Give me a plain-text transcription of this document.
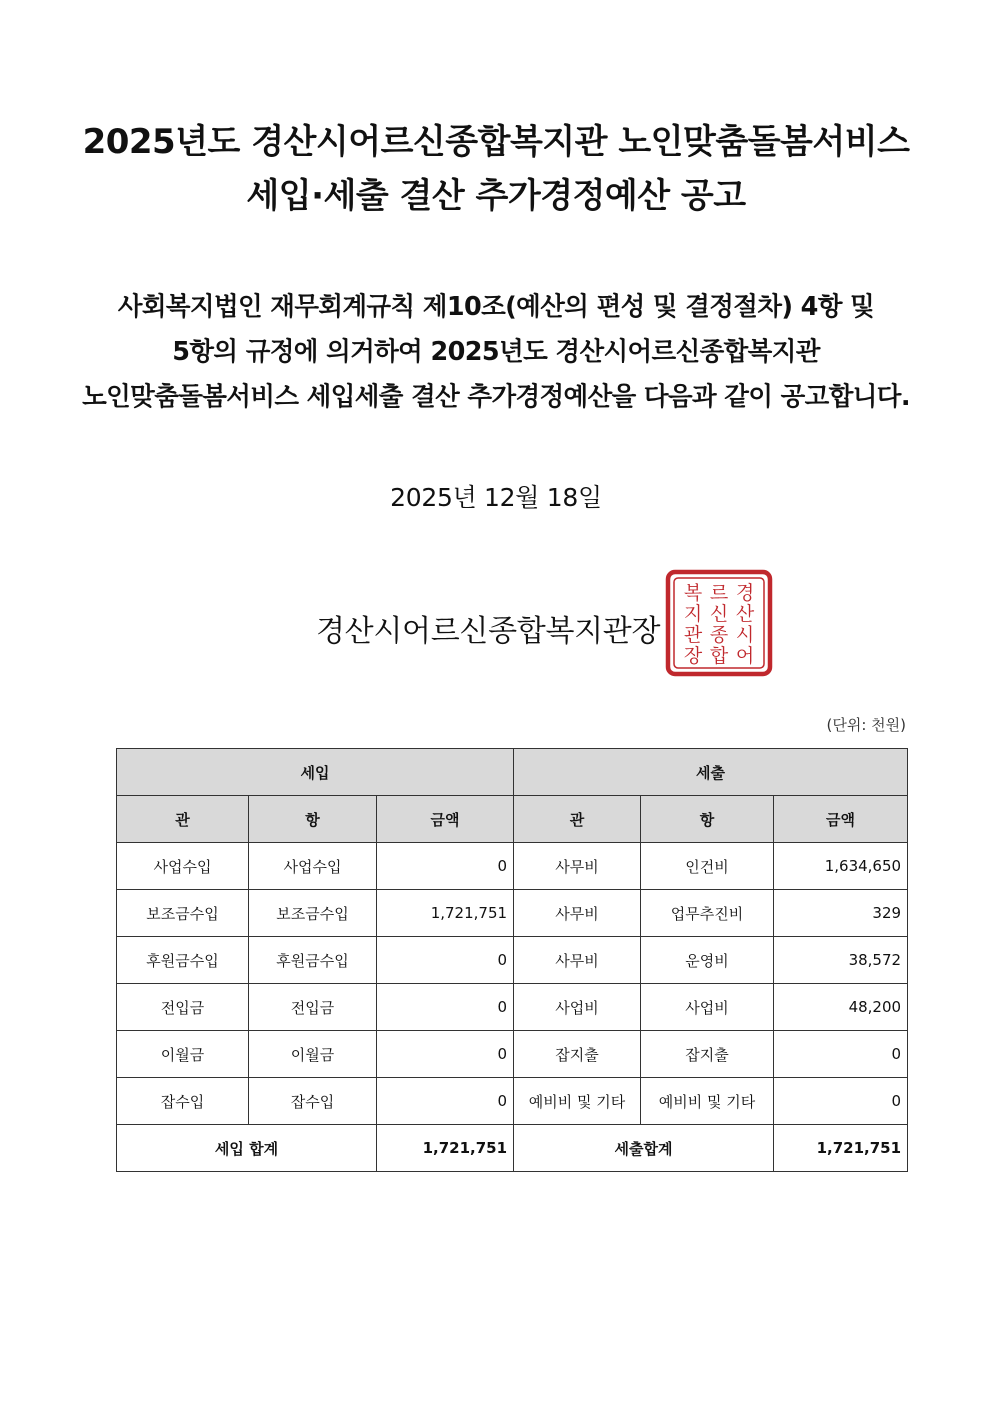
2025년도 경산시어르신종합복지관 노인맞춤돌봄서비스
세입·세출 결산 추가경정예산 공고

사회복지법인 재무회계규칙 제10조(예산의 편성 및 결정절차) 4항 및

5항의 규정에 의거하여 2025년도 경산시어르신종합복지관

노인맞춤돌봄서비스 세입세출 결산 추가경정예산을 다음과 같이 공고합니다.

2025년 12월 18일
경산시어르신종합복지관장
경
산
시
어
르
신
종
합
복
지
관
장
(단위: 천원)
세입			세출		
관	항	금액	관	항	금액
사업수입	사업수입	0	사무비	인건비	1,634,650
보조금수입	보조금수입	1,721,751	사무비	업무추진비	329
후원금수입	후원금수입	0	사무비	운영비	38,572
전입금	전입금	0	사업비	사업비	48,200
이월금	이월금	0	잡지출	잡지출	0
잡수입	잡수입	0	예비비 및 기타	예비비 및 기타	0
세입 합계		1,721,751	세출합계		1,721,751
